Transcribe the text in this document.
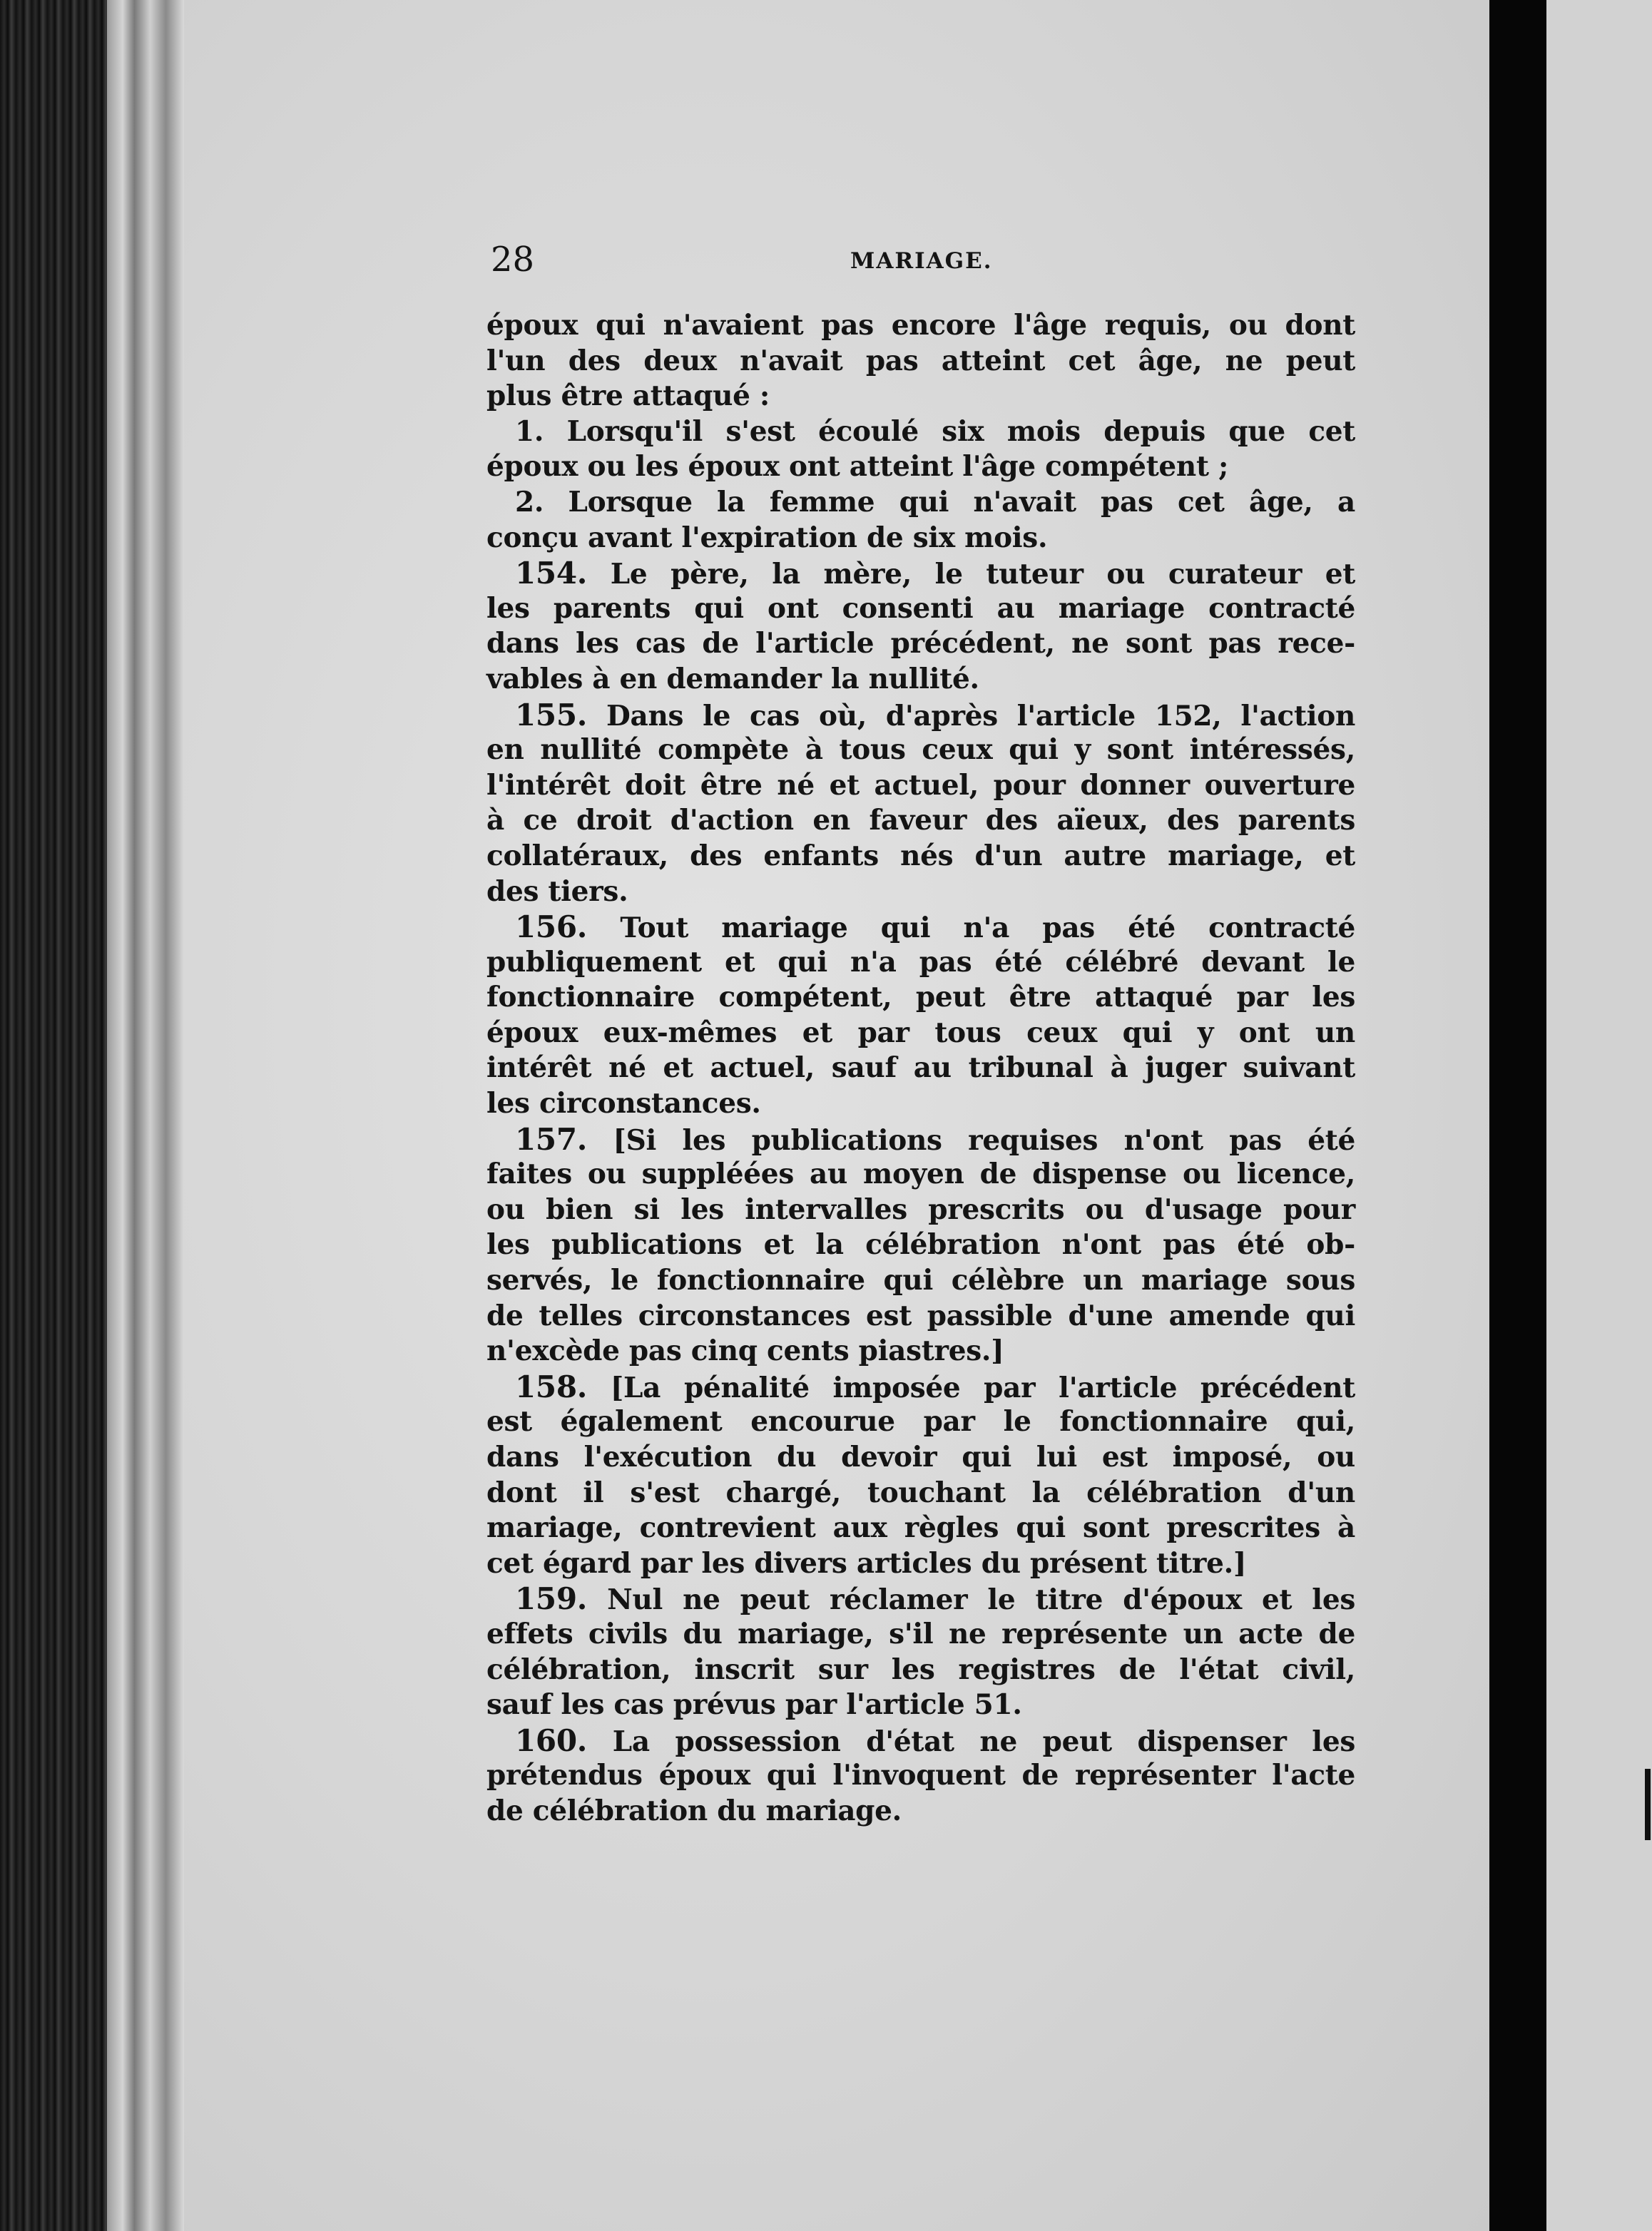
28	MARIAGE.
époux qui n'avaient pas encore l'âge requis, ou dont
l'un des deux n'avait pas atteint cet âge, ne peut
plus être attaqué :
1. Lorsqu'il s'est écoulé six mois depuis que cet
époux ou les époux ont atteint l'âge compétent ;
2. Lorsque la femme qui n'avait pas cet âge, a
conçu avant l'expiration de six mois.
154. Le père, la mère, le tuteur ou curateur et
les parents qui ont consenti au mariage contracté
dans les cas de l'article précédent, ne sont pas rece-
vables à en demander la nullité.
155. Dans le cas où, d'après l'article 152, l'action
en nullité compète à tous ceux qui y sont intéressés,
l'intérêt doit être né et actuel, pour donner ouverture
à ce droit d'action en faveur des aïeux, des parents
collatéraux, des enfants nés d'un autre mariage, et
des tiers.
156. Tout mariage qui n'a pas été contracté
publiquement et qui n'a pas été célébré devant le
fonctionnaire compétent, peut être attaqué par les
époux eux-mêmes et par tous ceux qui y ont un
intérêt né et actuel, sauf au tribunal à juger suivant
les circonstances.
157. [Si les publications requises n'ont pas été
faites ou suppléées au moyen de dispense ou licence,
ou bien si les intervalles prescrits ou d'usage pour
les publications et la célébration n'ont pas été ob-
servés, le fonctionnaire qui célèbre un mariage sous
de telles circonstances est passible d'une amende qui
n'excède pas cinq cents piastres.]
158. [La pénalité imposée par l'article précédent
est également encourue par le fonctionnaire qui,
dans l'exécution du devoir qui lui est imposé, ou
dont il s'est chargé, touchant la célébration d'un
mariage, contrevient aux règles qui sont prescrites à
cet égard par les divers articles du présent titre.]
159. Nul ne peut réclamer le titre d'époux et les
effets civils du mariage, s'il ne représente un acte de
célébration, inscrit sur les registres de l'état civil,
sauf les cas prévus par l'article 51.
160. La possession d'état ne peut dispenser les
prétendus époux qui l'invoquent de représenter l'acte
de célébration du mariage.
